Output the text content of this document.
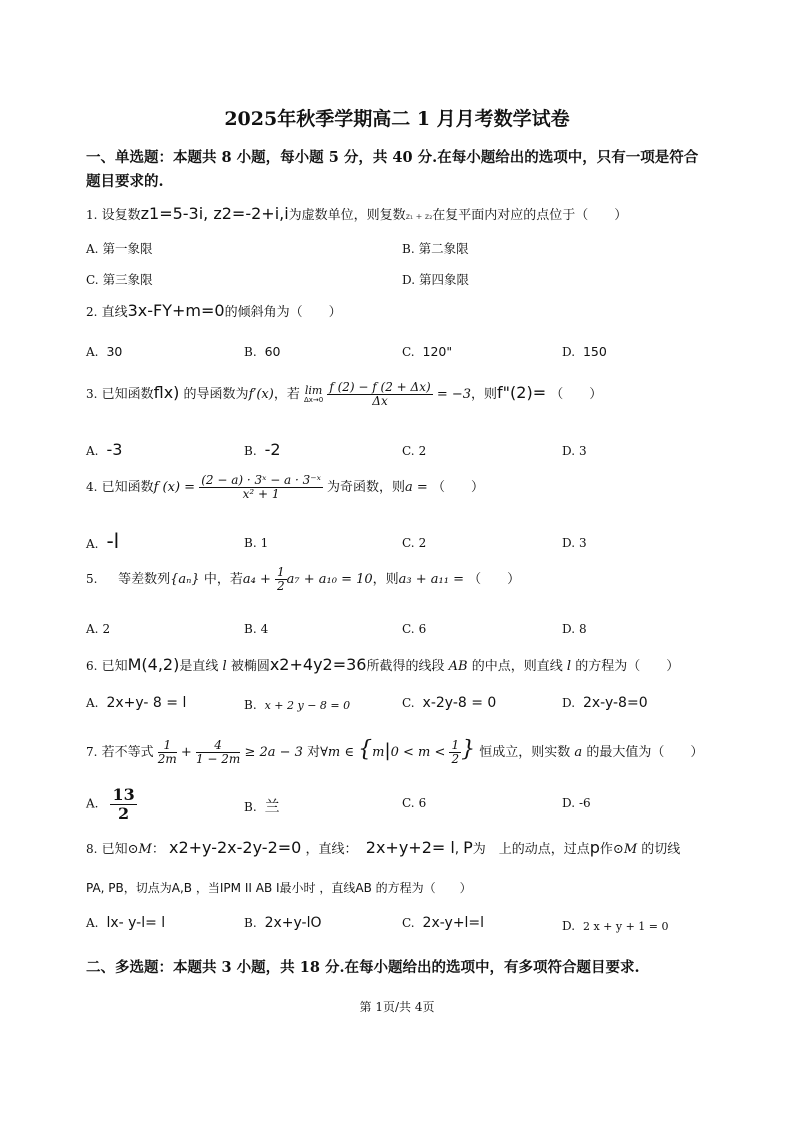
2025年秋季学期高二 1 月月考数学试卷
一、单选题：本题共 8 小题，每小题 5 分，共 40 分.在每小题给出的选项中，只有一项是符合
题目要求的.
1. 设复数z1=5-3i, z2=-2+i,i为虚数单位，则复数z₁ + z₂在复平面内对应的点位于（　　）
A. 第一象限	B. 第二象限
C. 第三象限	D. 第四象限
2. 直线3x-FY+m=0的倾斜角为（　　）
A. 30	B. 60	C. 120"	D. 150
3. 已知函数flx) 的导函数为f′(x)，若 lim
Δx→0
$\frac{f (2) - f (2 + \Delta x)}{\Delta x} = -3$，则f"(2)= （　　）
A. -3	B. -2	C. 2	D. 3
4. 已知函数f $(x) = \frac{\text{(2 − a) · 3ˣ − a · 3⁻ˣ}}{\text{x² + 1}}$ 为奇函数，则a = （　　）
A. -l	B. 1	C. 2	D. 3
5. 等差数列{aₙ} 中，若$a_4 + \frac{1}{2} a_7 + a_{10} = 10$，则a₃ + a₁₁ = （　　）
A. 2	B. 4	C. 6	D. 8
6. 已知M(4,2)是直线 l 被椭圆x2+4y2=36所截得的线段 AB 的中点，则直线 l 的方程为（　　）
A. 2x+y- 8 = l	B. x + 2 y − 8 = 0	C. x-2y-8 = 0	D. 2x-y-8=0
7. 若不等式 $\frac{1}{2m} + \frac{4}{1 - 2m} \ge 2a - 3$ 对∀m ∈ {$m|0 < m < \frac{1}{2}$ } 恒成立，则实数 a 的最大值为（　　）
A. $\frac{13}{2}$	B. 兰	C. 6	D. -6
8. 已知⊙M： x2+y-2x-2y-2=0 ，直线： 2x+y+2= l, P为　上的动点，过点p作⊙M 的切线
PA, PB，切点为A,B ，当IPM II AB I最小时 ，直线AB 的方程为（　　）
A. lx- y-l= l	B. 2x+y-lO	C. 2x-y+l=l	D. 2 x + y + 1 = 0
二、多选题：本题共 3 小题，共 18 分.在每小题给出的选项中，有多项符合题目要求.
第 1页/共 4页
